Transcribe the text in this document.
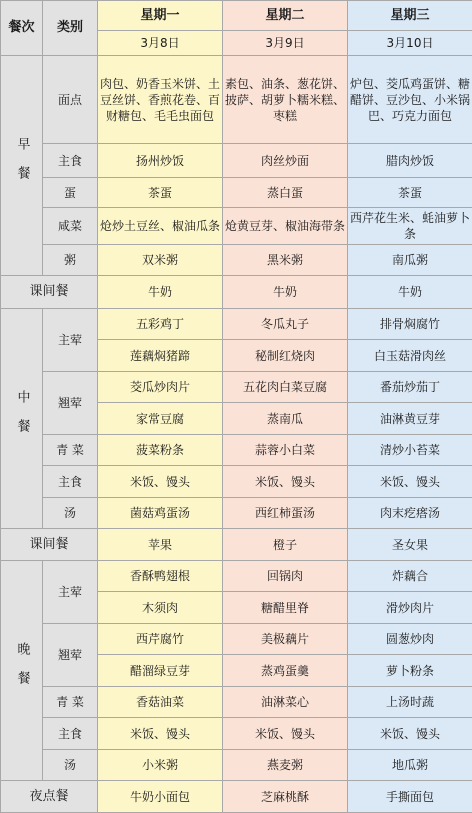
餐次	类别	星期一	星期二	星期三
		3月8日	3月9日	3月10日
早餐	面点	肉包、奶香玉米饼、土豆丝饼、香煎花卷、百财糖包、毛毛虫面包	素包、油条、葱花饼、披萨、胡萝卜糯米糕、枣糕	炉包、茭瓜鸡蛋饼、糖醋饼、豆沙包、小米锅巴、巧克力面包
	主食	扬州炒饭	肉丝炒面	腊肉炒饭
	蛋	茶蛋	蒸白蛋	茶蛋
	咸菜	炝炒土豆丝、椒油瓜条	炝黄豆芽、椒油海带条	西芹花生米、蚝油萝卜条
	粥	双米粥	黑米粥	南瓜粥
课间餐		牛奶	牛奶	牛奶
中餐	主荤	五彩鸡丁	冬瓜丸子	排骨焖腐竹
		莲藕焖猪蹄	秘制红烧肉	白玉菇滑肉丝
	翘荤	茭瓜炒肉片	五花肉白菜豆腐	番茄炒茄丁
		家常豆腐	蒸南瓜	油淋黄豆芽
	青 菜	菠菜粉条	蒜蓉小白菜	清炒小苔菜
	主食	米饭、馒头	米饭、馒头	米饭、馒头
	汤	菌菇鸡蛋汤	西红柿蛋汤	肉末疙瘩汤
课间餐		苹果	橙子	圣女果
晚餐	主荤	香酥鸭翅根	回锅肉	炸藕合
		木须肉	糖醋里脊	滑炒肉片
	翘荤	西芹腐竹	美极藕片	圆葱炒肉
		醋溜绿豆芽	蒸鸡蛋羹	萝卜粉条
	青 菜	香菇油菜	油淋菜心	上汤时蔬
	主食	米饭、馒头	米饭、馒头	米饭、馒头
	汤	小米粥	燕麦粥	地瓜粥
夜点餐		牛奶小面包	芝麻桃酥	手撕面包
